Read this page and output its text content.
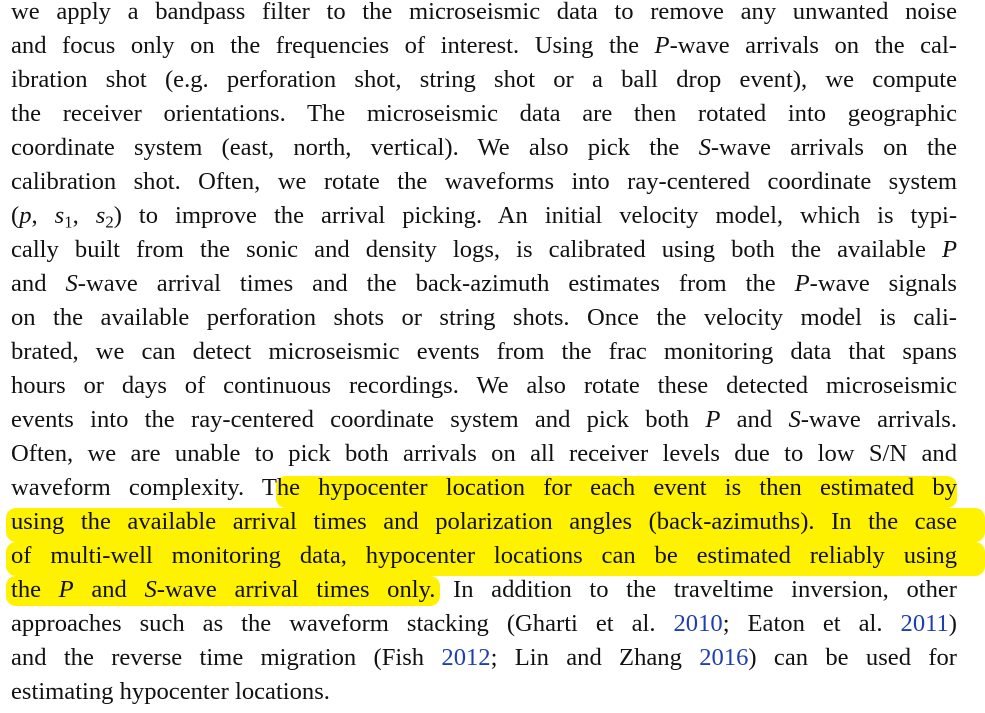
we apply a bandpass filter to the microseismic data to remove any unwanted noise
and focus only on the frequencies of interest. Using the P-wave arrivals on the cal-
ibration shot (e.g. perforation shot, string shot or a ball drop event), we compute
the receiver orientations. The microseismic data are then rotated into geographic
coordinate system (east, north, vertical). We also pick the S-wave arrivals on the
calibration shot. Often, we rotate the waveforms into ray-centered coordinate system
(p, $s_1$, $s_2$) to improve the arrival picking. An initial velocity model, which is typi-
cally built from the sonic and density logs, is calibrated using both the available P
and S-wave arrival times and the back-azimuth estimates from the P-wave signals
on the available perforation shots or string shots. Once the velocity model is cali-
brated, we can detect microseismic events from the frac monitoring data that spans
hours or days of continuous recordings. We also rotate these detected microseismic
events into the ray-centered coordinate system and pick both P and S-wave arrivals.
Often, we are unable to pick both arrivals on all receiver levels due to low S/N and
waveform complexity. The hypocenter location for each event is then estimated by
using the available arrival times and polarization angles (back-azimuths). In the case
of multi-well monitoring data, hypocenter locations can be estimated reliably using
the P and S-wave arrival times only. In addition to the traveltime inversion, other
approaches such as the waveform stacking (Gharti et al. 2010; Eaton et al. 2011)
and the reverse time migration (Fish 2012; Lin and Zhang 2016) can be used for
estimating hypocenter locations.
